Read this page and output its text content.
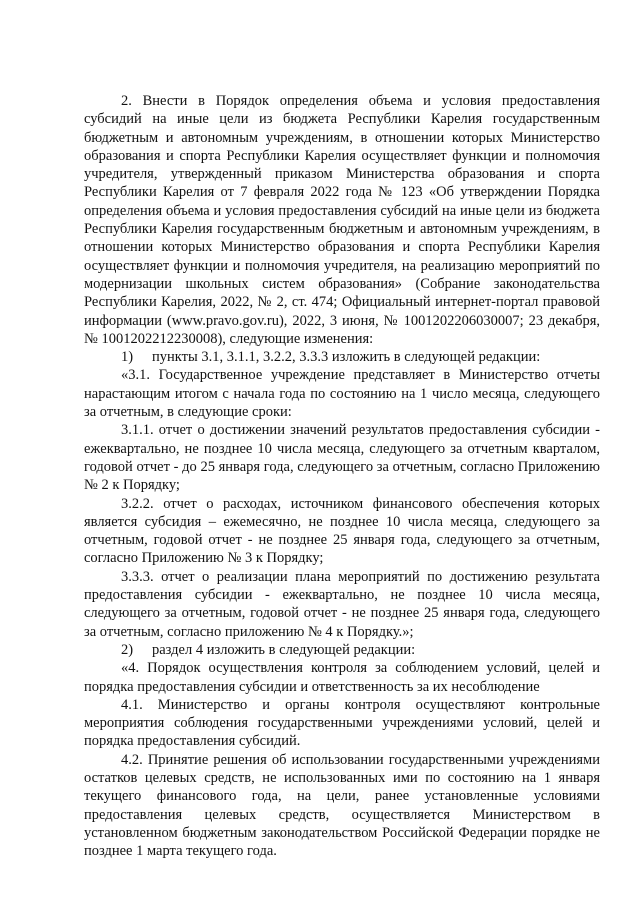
2. Внести в Порядок определения объема и условия предоставления субсидий на иные цели из бюджета Республики Карелия государственным бюджетным и автономным учреждениям, в отношении которых Министерство образования и спорта Республики Карелия осуществляет функции и полномочия учредителя, утвержденный приказом Министерства образования и спорта Республики Карелия от 7 февраля 2022 года № 123 «Об утверждении Порядка определения объема и условия предоставления субсидий на иные цели из бюджета Республики Карелия государственным бюджетным и автономным учреждениям, в отношении которых Министерство образования и спорта Республики Карелия осуществляет функции и полномочия учредителя, на реализацию мероприятий по модернизации школьных систем образования» (Собрание законодательства Республики Карелия, 2022, № 2, ст. 474; Официальный интернет-портал правовой информации (www.pravo.gov.ru), 2022, 3 июня, № 1001202206030007; 23 декабря, № 1001202212230008), следующие изменения:

1) пункты 3.1, 3.1.1, 3.2.2, 3.3.3 изложить в следующей редакции:

«3.1. Государственное учреждение представляет в Министерство отчеты нарастающим итогом с начала года по состоянию на 1 число месяца, следующего за отчетным, в следующие сроки:

3.1.1. отчет о достижении значений результатов предоставления субсидии - ежеквартально, не позднее 10 числа месяца, следующего за отчетным кварталом, годовой отчет - до 25 января года, следующего за отчетным, согласно Приложению № 2 к Порядку;

3.2.2. отчет о расходах, источником финансового обеспечения которых является субсидия – ежемесячно, не позднее 10 числа месяца, следующего за отчетным, годовой отчет - не позднее 25 января года, следующего за отчетным, согласно Приложению № 3 к Порядку;

3.3.3. отчет о реализации плана мероприятий по достижению результата предоставления субсидии - ежеквартально, не позднее 10 числа месяца, следующего за отчетным, годовой отчет - не позднее 25 января года, следующего за отчетным, согласно приложению № 4 к Порядку.»;

2) раздел 4 изложить в следующей редакции:

«4. Порядок осуществления контроля за соблюдением условий, целей и порядка предоставления субсидии и ответственность за их несоблюдение

4.1. Министерство и органы контроля осуществляют контрольные мероприятия соблюдения государственными учреждениями условий, целей и порядка предоставления субсидий.

4.2. Принятие решения об использовании государственными учреждениями остатков целевых средств, не использованных ими по состоянию на 1 января текущего финансового года, на цели, ранее установленные условиями предоставления целевых средств, осуществляется Министерством в установленном бюджетным законодательством Российской Федерации порядке не позднее 1 марта текущего года.
